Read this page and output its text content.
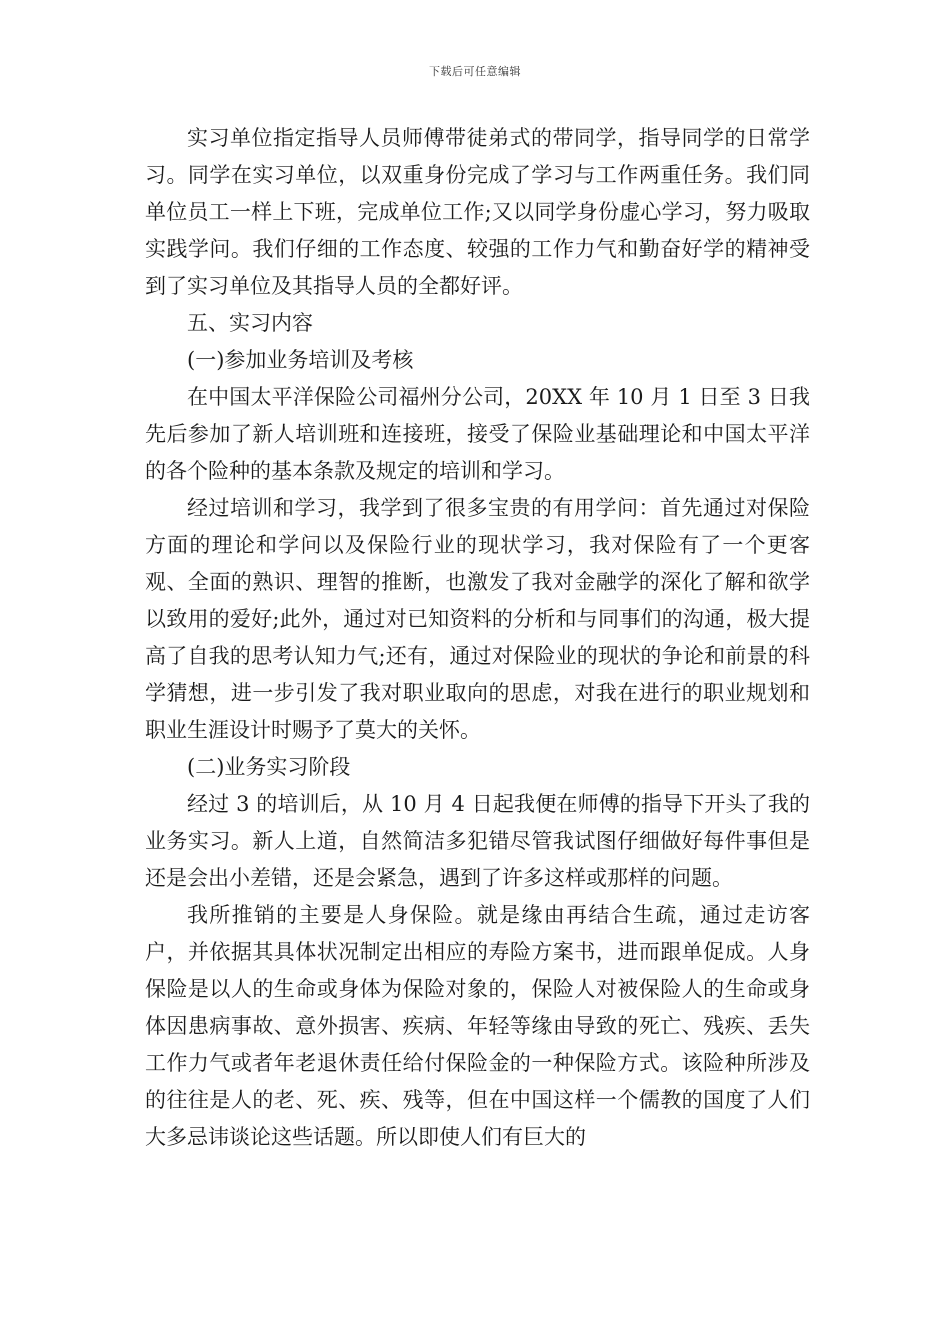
下载后可任意编辑

实习单位指定指导人员师傅带徒弟式的带同学，指导同学的日常学习。同学在实习单位，以双重身份完成了学习与工作两重任务。我们同单位员工一样上下班，完成单位工作;又以同学身份虚心学习，努力吸取实践学问。我们仔细的工作态度、较强的工作力气和勤奋好学的精神受到了实习单位及其指导人员的全都好评。

五、实习内容

(一)参加业务培训及考核

在中国太平洋保险公司福州分公司，20XX 年 10 月 1 日至 3 日我先后参加了新人培训班和连接班，接受了保险业基础理论和中国太平洋的各个险种的基本条款及规定的培训和学习。

经过培训和学习，我学到了很多宝贵的有用学问：首先通过对保险方面的理论和学问以及保险行业的现状学习，我对保险有了一个更客观、全面的熟识、理智的推断，也激发了我对金融学的深化了解和欲学以致用的爱好;此外，通过对已知资料的分析和与同事们的沟通，极大提高了自我的思考认知力气;还有，通过对保险业的现状的争论和前景的科学猜想，进一步引发了我对职业取向的思虑，对我在进行的职业规划和职业生涯设计时赐予了莫大的关怀。

(二)业务实习阶段

经过 3 的培训后，从 10 月 4 日起我便在师傅的指导下开头了我的业务实习。新人上道，自然简洁多犯错尽管我试图仔细做好每件事但是还是会出小差错，还是会紧急，遇到了许多这样或那样的问题。

我所推销的主要是人身保险。就是缘由再结合生疏，通过走访客户，并依据其具体状况制定出相应的寿险方案书，进而跟单促成。人身保险是以人的生命或身体为保险对象的，保险人对被保险人的生命或身体因患病事故、意外损害、疾病、年轻等缘由导致的死亡、残疾、丢失工作力气或者年老退休责任给付保险金的一种保险方式。该险种所涉及的往往是人的老、死、疾、残等，但在中国这样一个儒教的国度了人们大多忌讳谈论这些话题。所以即使人们有巨大的
